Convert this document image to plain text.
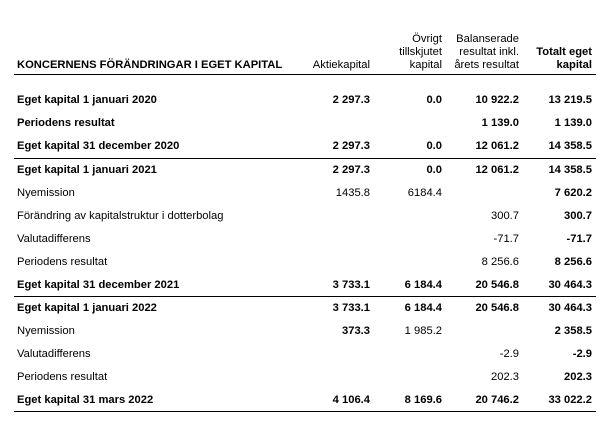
KONCERNENS FÖRÄNDRINGAR I EGET KAPITAL	Aktiekapital	Övrigt tillskjutet kapital	Balanserade resultat inkl. årets resultat	Totalt eget kapital

Eget kapital 1 januari 2020	2 297.3	0.0	10 922.2	13 219.5
Periodens resultat			1 139.0	1 139.0
Eget kapital 31 december 2020	2 297.3	0.0	12 061.2	14 358.5
Eget kapital 1 januari 2021	2 297.3	0.0	12 061.2	14 358.5
Nyemission	1435.8	6184.4		7 620.2
Förändring av kapitalstruktur i dotterbolag			300.7	300.7
Valutadifferens			-71.7	-71.7
Periodens resultat			8 256.6	8 256.6
Eget kapital 31 december 2021	3 733.1	6 184.4	20 546.8	30 464.3
Eget kapital 1 januari 2022	3 733.1	6 184.4	20 546.8	30 464.3
Nyemission	373.3	1 985.2		2 358.5
Valutadifferens			-2.9	-2.9
Periodens resultat			202.3	202.3
Eget kapital 31 mars 2022	4 106.4	8 169.6	20 746.2	33 022.2
